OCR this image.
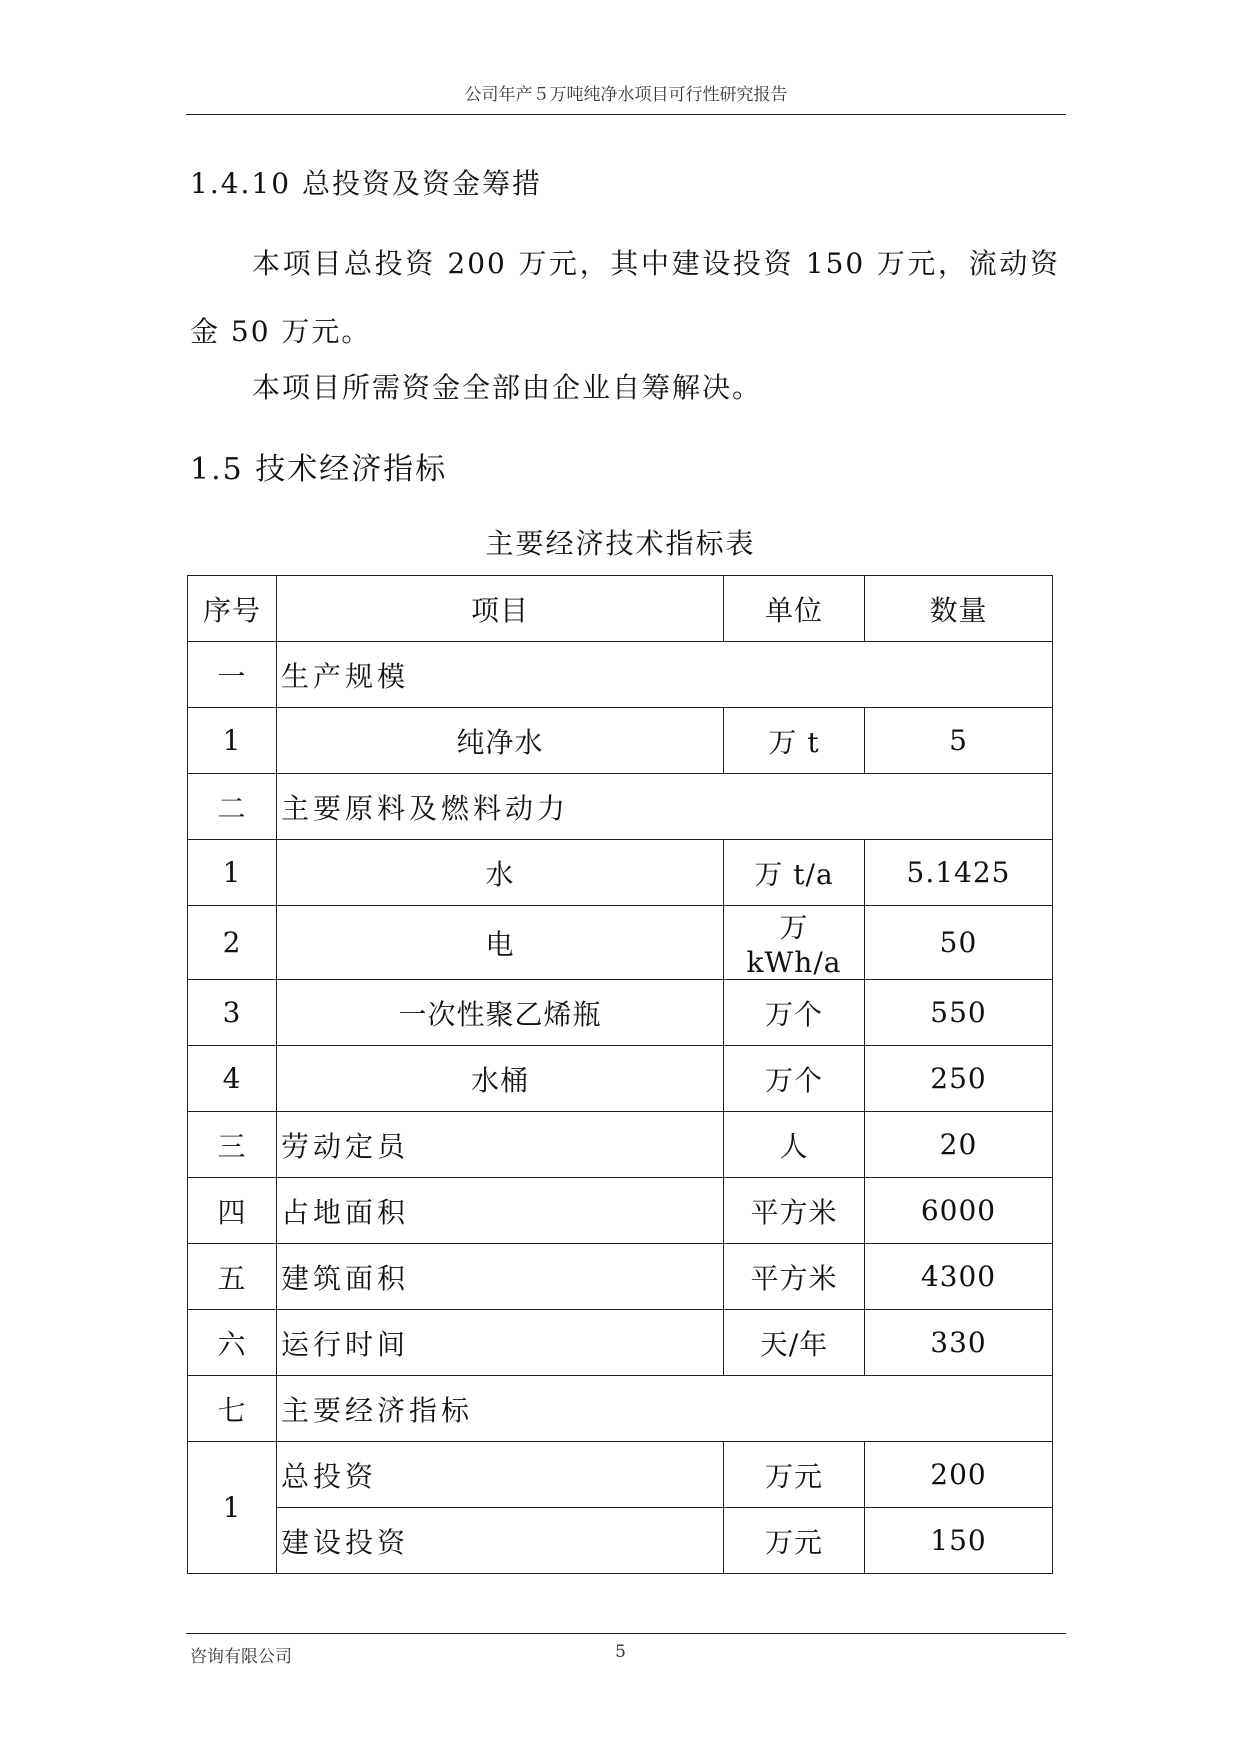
公司年产５万吨纯净水项目可行性研究报告
1.4.10 总投资及资金筹措
本项目总投资 200 万元，其中建设投资 150 万元，流动资金 50 万元。
本项目所需资金全部由企业自筹解决。
1.5 技术经济指标
主要经济技术指标表
序号	项目	单位	数量
一	生产规模		
1	纯净水	万 t	5
二	主要原料及燃料动力		
1	水	万 t/a	5.1425
2	电	万 kWh/a	50
3	一次性聚乙烯瓶	万个	550
4	水桶	万个	250
三	劳动定员	人	20
四	占地面积	平方米	6000
五	建筑面积	平方米	4300
六	运行时间	天/年	330
七	主要经济指标		
1	总投资	万元	200
	建设投资	万元	150
咨询有限公司	5
